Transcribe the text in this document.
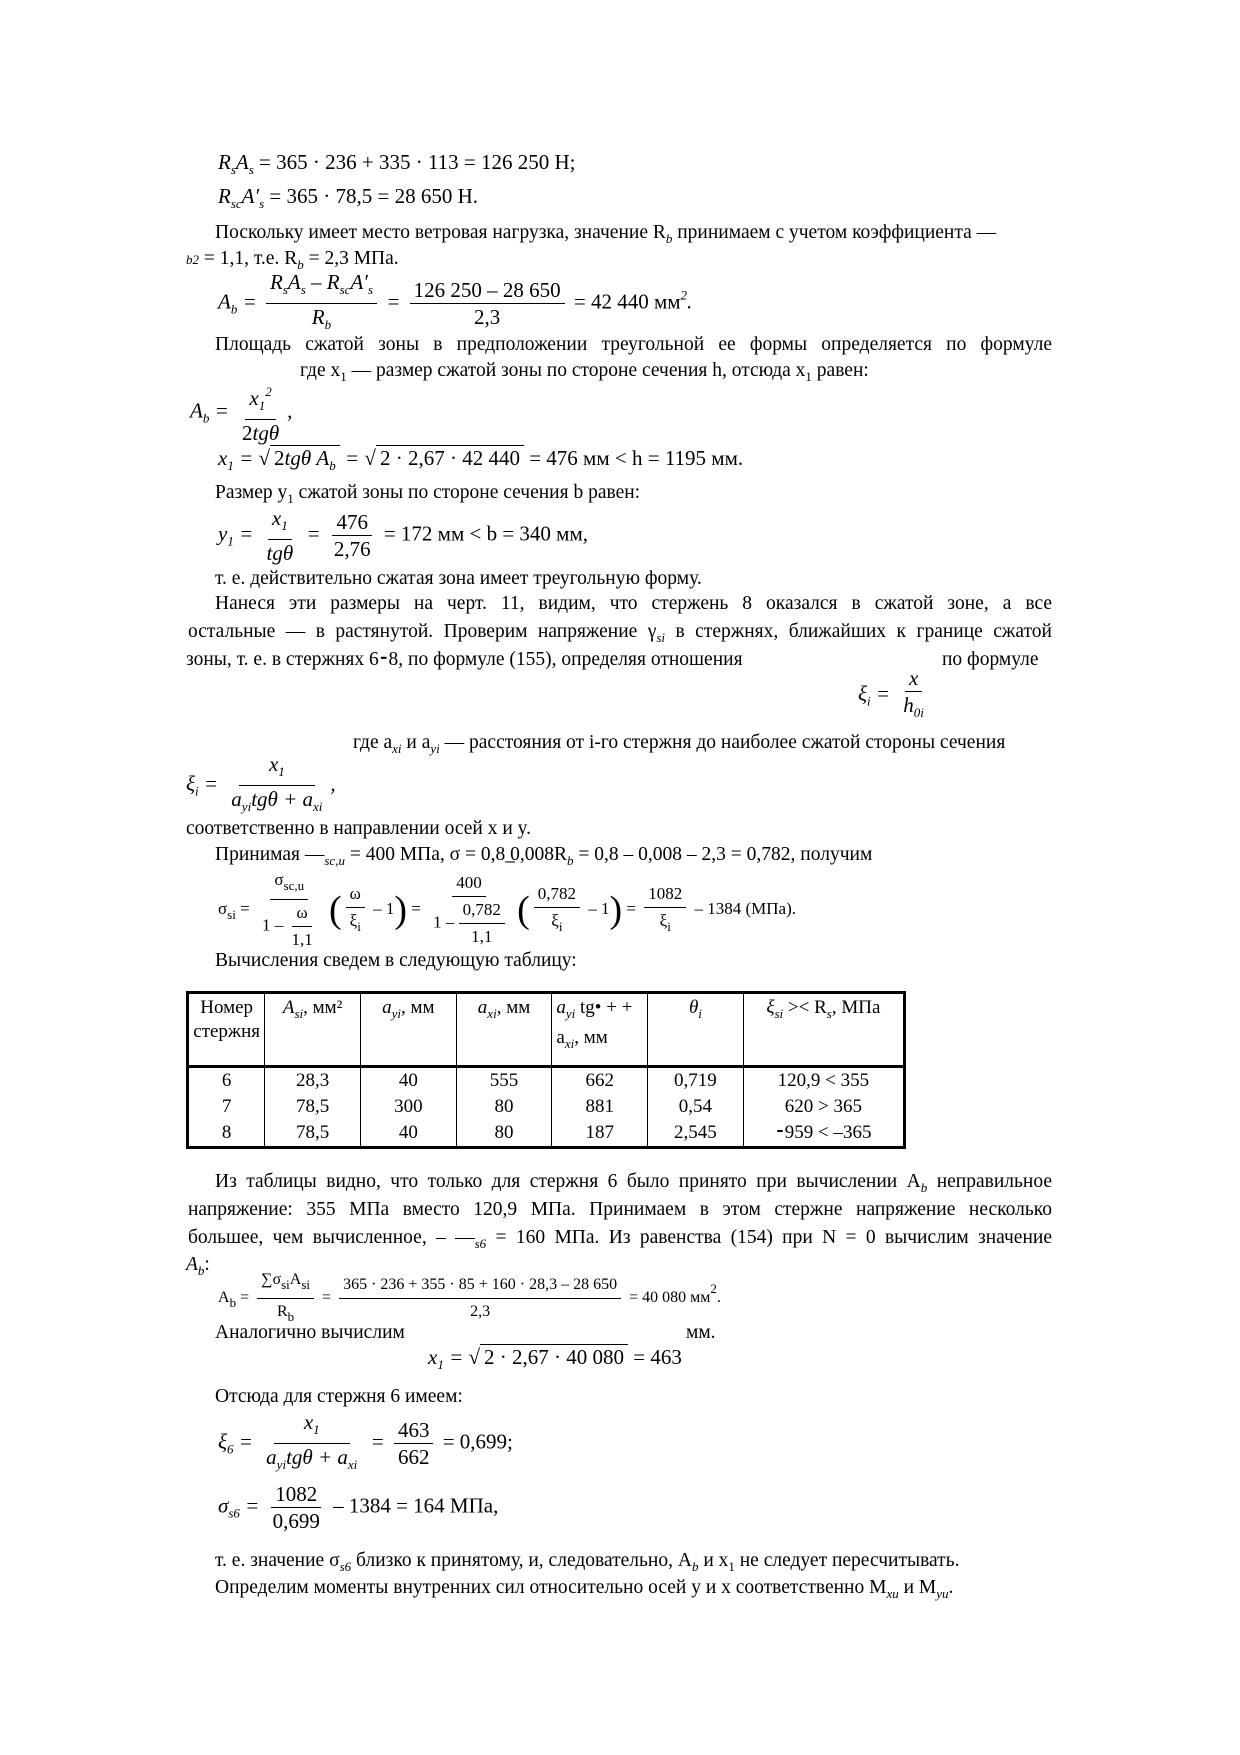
$R_sA_s = 365 \cdot 236 + 335 \cdot 113 = 126$ 250 H;
$R_{sc}A'_s = 365 \cdot 78,5 = 28$ 650 H.
Поскольку имеет место ветровая нагрузка, значение $R_b$ принимаем с учетом коэффициента —
b2 = 1,1, т.е. $R_b = 2,3$ МПа.
$A_b = \frac{R_sA_s - R_{sc}A'_s}{R_b} = \frac{126 250 - 28 650}{2,3} = 42$ 440 $мм^2$.
Площадь сжатой зоны в предположении треугольной ее формы определяется по формуле
где $x_1$ — размер сжатой зоны по стороне сечения h, отсюда $x_1$ равен:
$A_b = \frac{x_1^2}{\text{2tgθ}}$ ,
$x_1$ = √ 2tgθ $A_b$ = √ 2 · 2,67 · 42 440 = 476 мм < h = 1195 мм.
Размер $y_1$ сжатой зоны по стороне сечения b равен:
$y_1 = \frac{x_1}{\text{tgθ}} = \frac{476}{2,76} = 172$ мм < b = 340 мм,
т. е. действительно сжатая зона имеет треугольную форму.
Нанеся эти размеры на черт. 11, видим, что стержень 8 оказался в сжатой зоне, а все
остальные — в растянутой. Проверим напряжение $\gamma_{si}$ в стержнях, ближайших к границе сжатой
зоны, т. е. в стержнях 6⁃8, по формуле (155), определяя отношения	по формуле
$\xi_i = \frac{x}{h_{0i}}$
где $a_{xi}$ и $a_{yi}$ — расстояния от i-го стержня до наиболее сжатой стороны сечения
$\xi_i = \frac{x_1}{a_{yi}tg\theta + a_{xi}}$ ,
соответственно в направлении осей x и y.
Принимая $—_{sc,u} = 400$ МПа, σ = 0,8 $̲0,008R_b = 0,8 - 0,008 - 2,3 = 0,782$, получим
$\sigma_{si} = \frac{\sigma_{sc,u}}{1 - \frac{\omega}{1,1}}$ ( $\frac{\omega}{\xi_i} - 1) = \frac{400}{1 - \frac{0,782}{1,1}}$ ( $\frac{0,782}{\xi_i} - 1) = \frac{1082}{\xi_i} - 1384$ (МПа).
Вычисления сведем в следующую таблицу:
Номер стержня	$A_{si}$, мм²	$a_{yi}$, мм	$a_{xi}$, мм	$a_{yi}$ tg• + + $a_{xi}$, мм	$\theta_i$	$\xi_{si} >< R_s$, МПа
6	28,3	40	555	662	0,719	120,9 < 355
7	78,5	300	80	881	0,54	620 > 365
8	78,5	40	80	187	2,545	⁃959 < –365
Из таблицы видно, что только для стержня 6 было принято при вычислении $A_b$ неправильное
напряжение: 355 МПа вместо 120,9 МПа. Принимаем в этом стержне напряжение несколько
большее, чем вычисленное, – $—_{s6} = 160$ МПа. Из равенства (154) при N = 0 вычислим значение
$A_b$:
$A_b = \frac{\sum\sigma_{si}A_{si}}{R_b} = \frac{365 \cdot 236 + 355 \cdot 85 + 160 \cdot 28,3 - 28 650}{2,3} = 40$ 080 $мм^2$.
Аналогично вычислим	мм.
$x_1$ = √ 2 · 2,67 · 40 080 = 463
Отсюда для стержня 6 имеем:
$\xi_6 = \frac{x_1}{a_{yi}tg\theta + a_{xi}} = \frac{463}{662} = 0,699$;
$\sigma_{s6} = \frac{1082}{0,699} - 1384 = 164$ МПа,
т. е. значение $\sigma_{s6}$ близко к принятому, и, следовательно, $A_b$ и $x_1$ не следует пересчитывать.
Определим моменты внутренних сил относительно осей y и x соответственно $M_{xu}$ и $M_{yu}$.
